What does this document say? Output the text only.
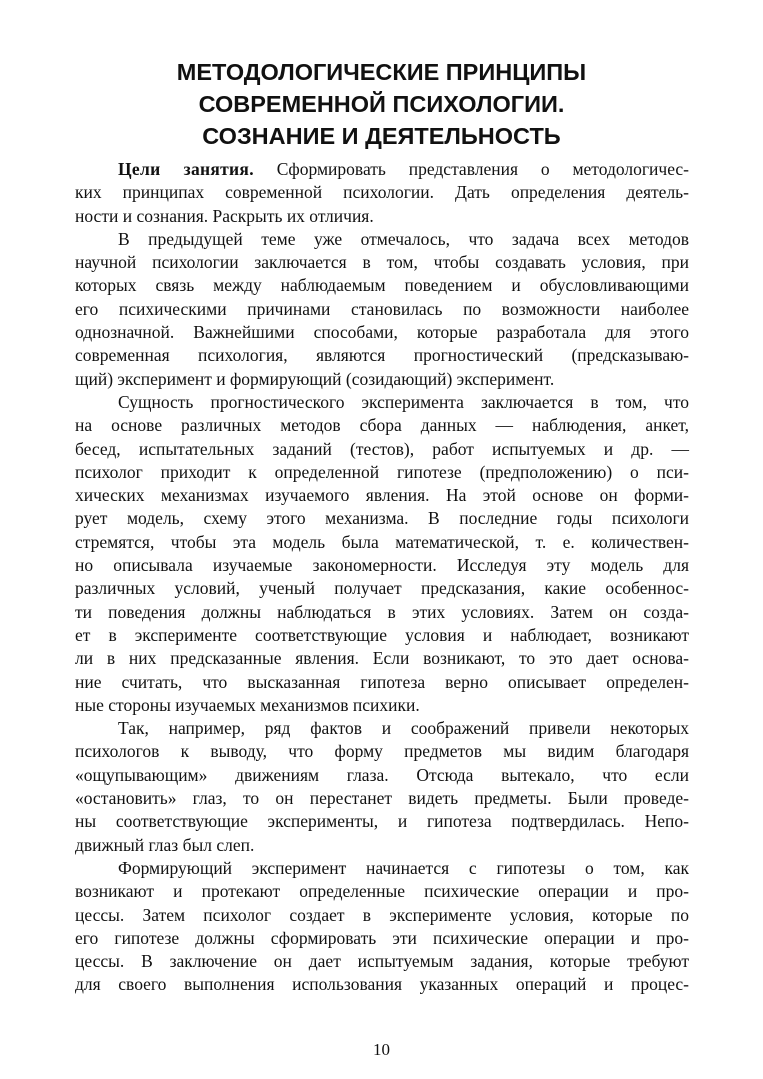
МЕТОДОЛОГИЧЕСКИЕ ПРИНЦИПЫ
СОВРЕМЕННОЙ ПСИХОЛОГИИ.
СОЗНАНИЕ И ДЕЯТЕЛЬНОСТЬ
Цели занятия. Сформировать представления о методологичес-
ких принципах современной психологии. Дать определения деятель-
ности и сознания. Раскрыть их отличия.
В предыдущей теме уже отмечалось, что задача всех методов
научной психологии заключается в том, чтобы создавать условия, при
которых связь между наблюдаемым поведением и обусловливающими
его психическими причинами становилась по возможности наиболее
однозначной. Важнейшими способами, которые разработала для этого
современная психология, являются прогностический (предсказываю-
щий) эксперимент и формирующий (созидающий) эксперимент.
Сущность прогностического эксперимента заключается в том, что
на основе различных методов сбора данных — наблюдения, анкет,
бесед, испытательных заданий (тестов), работ испытуемых и др. —
психолог приходит к определенной гипотезе (предположению) о пси-
хических механизмах изучаемого явления. На этой основе он форми-
рует модель, схему этого механизма. В последние годы психологи
стремятся, чтобы эта модель была математической, т. е. количествен-
но описывала изучаемые закономерности. Исследуя эту модель для
различных условий, ученый получает предсказания, какие особеннос-
ти поведения должны наблюдаться в этих условиях. Затем он созда-
ет в эксперименте соответствующие условия и наблюдает, возникают
ли в них предсказанные явления. Если возникают, то это дает основа-
ние считать, что высказанная гипотеза верно описывает определен-
ные стороны изучаемых механизмов психики.
Так, например, ряд фактов и соображений привели некоторых
психологов к выводу, что форму предметов мы видим благодаря
«ощупывающим» движениям глаза. Отсюда вытекало, что если
«остановить» глаз, то он перестанет видеть предметы. Были проведе-
ны соответствующие эксперименты, и гипотеза подтвердилась. Непо-
движный глаз был слеп.
Формирующий эксперимент начинается с гипотезы о том, как
возникают и протекают определенные психические операции и про-
цессы. Затем психолог создает в эксперименте условия, которые по
его гипотезе должны сформировать эти психические операции и про-
цессы. В заключение он дает испытуемым задания, которые требуют
для своего выполнения использования указанных операций и процес-
10
